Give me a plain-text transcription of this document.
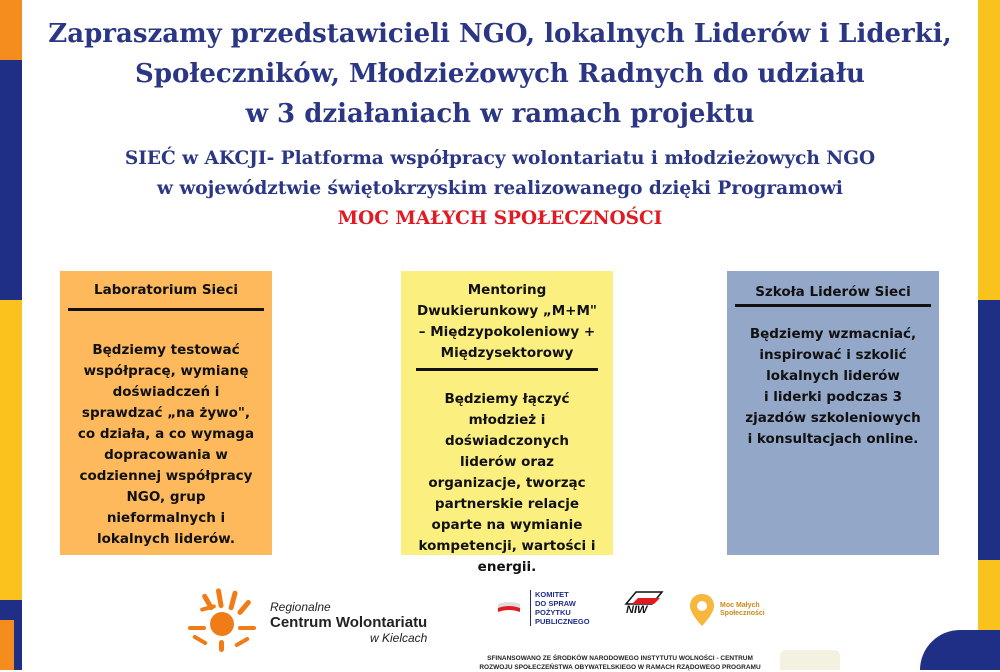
Zapraszamy przedstawicieli NGO, lokalnych Liderów i Liderki,
Społeczników, Młodzieżowych Radnych do udziału
w 3 działaniach w ramach projektu
SIEĆ w AKCJI- Platforma współpracy wolontariatu i młodzieżowych NGO
w województwie świętokrzyskim realizowanego dzięki Programowi
MOC MAŁYCH SPOŁECZNOŚCI
Laboratorium Sieci
Będziemy testować
współpracę, wymianę
doświadczeń i
sprawdzać „na żywo",
co działa, a co wymaga
dopracowania w
codziennej współpracy
NGO, grup
nieformalnych i
lokalnych liderów.
Mentoring
Dwukierunkowy „M+M"
– Międzypokoleniowy +
Międzysektorowy
Będziemy łączyć
młodzież i
doświadczonych
liderów oraz
organizacje, tworząc
partnerskie relacje
oparte na wymianie
kompetencji, wartości i
energii.
Szkoła Liderów Sieci
Będziemy wzmacniać,
inspirować i szkolić
lokalnych liderów
i liderki podczas 3
zjazdów szkoleniowych
i konsultacjach online.
Regionalne
Centrum Wolontariatu
w Kielcach
KOMITET
DO SPRAW
POŻYTKU
PUBLICZNEGO
NIW	Moc Małych
Społeczności
SFINANSOWANO ZE ŚRODKÓW NARODOWEGO INSTYTUTU WOLNOŚCI - CENTRUM
ROZWOJU SPOŁECZEŃSTWA OBYWATELSKIEGO W RAMACH RZĄDOWEGO PROGRAMU
